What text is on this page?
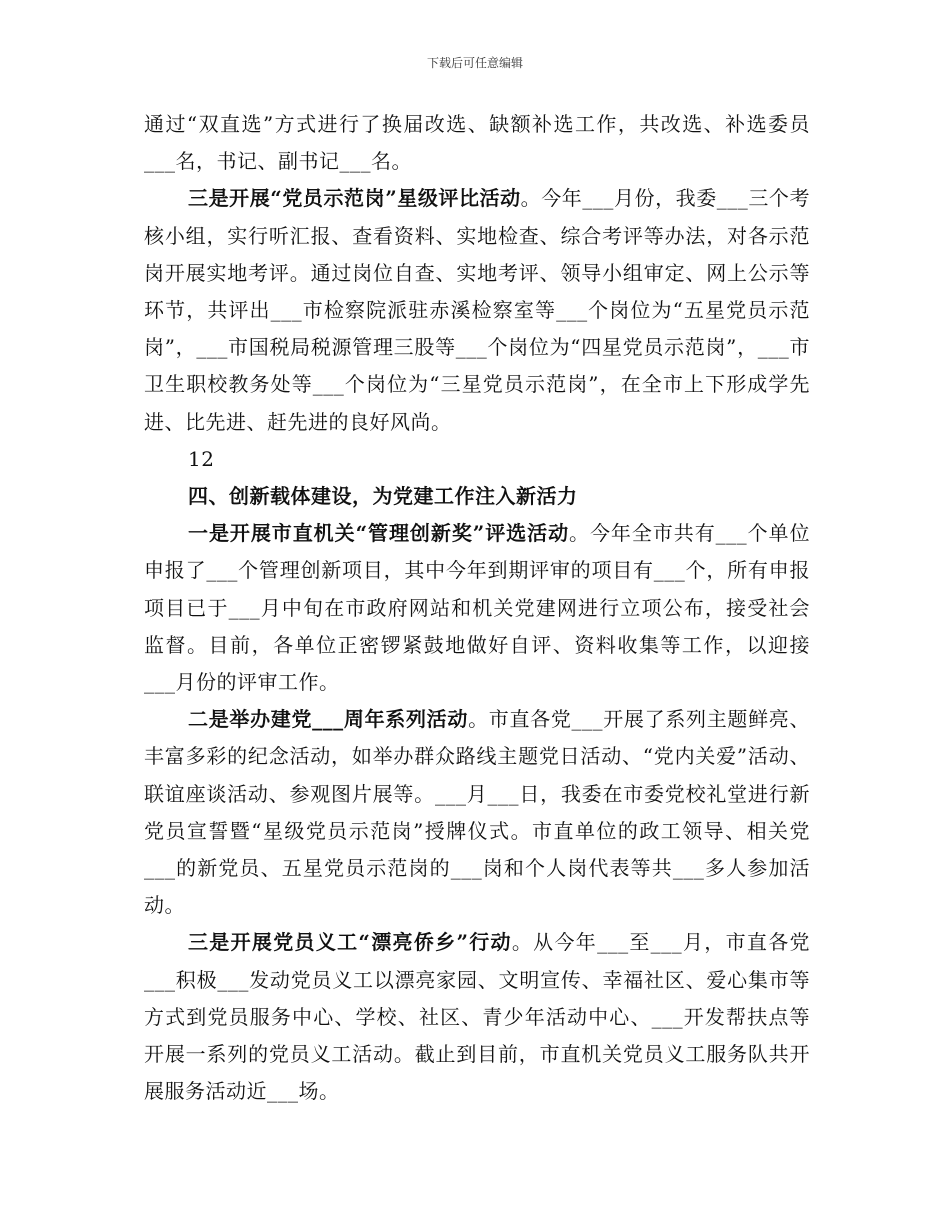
下载后可任意编辑

通过“双直选”方式进行了换届改选、缺额补选工作，共改选、补选委员___名，书记、副书记___名。

三是开展“党员示范岗”星级评比活动。今年___月份，我委___三个考核小组，实行听汇报、查看资料、实地检查、综合考评等办法，对各示范岗开展实地考评。通过岗位自查、实地考评、领导小组审定、网上公示等环节，共评出___市检察院派驻赤溪检察室等___个岗位为“五星党员示范岗”，___市国税局税源管理三股等___个岗位为“四星党员示范岗”，___市卫生职校教务处等___个岗位为“三星党员示范岗”，在全市上下形成学先进、比先进、赶先进的良好风尚。

12

四、创新载体建设，为党建工作注入新活力

一是开展市直机关“管理创新奖”评选活动。今年全市共有___个单位申报了___个管理创新项目，其中今年到期评审的项目有___个，所有申报项目已于___月中旬在市政府网站和机关党建网进行立项公布，接受社会监督。目前，各单位正密锣紧鼓地做好自评、资料收集等工作，以迎接___月份的评审工作。

二是举办建党___周年系列活动。市直各党___开展了系列主题鲜亮、丰富多彩的纪念活动，如举办群众路线主题党日活动、“党内关爱”活动、联谊座谈活动、参观图片展等。___月___日，我委在市委党校礼堂进行新党员宣誓暨“星级党员示范岗”授牌仪式。市直单位的政工领导、相关党___的新党员、五星党员示范岗的___岗和个人岗代表等共___多人参加活动。

三是开展党员义工“漂亮侨乡”行动。从今年___至___月，市直各党___积极___发动党员义工以漂亮家园、文明宣传、幸福社区、爱心集市等方式到党员服务中心、学校、社区、青少年活动中心、___开发帮扶点等开展一系列的党员义工活动。截止到目前，市直机关党员义工服务队共开展服务活动近___场。
